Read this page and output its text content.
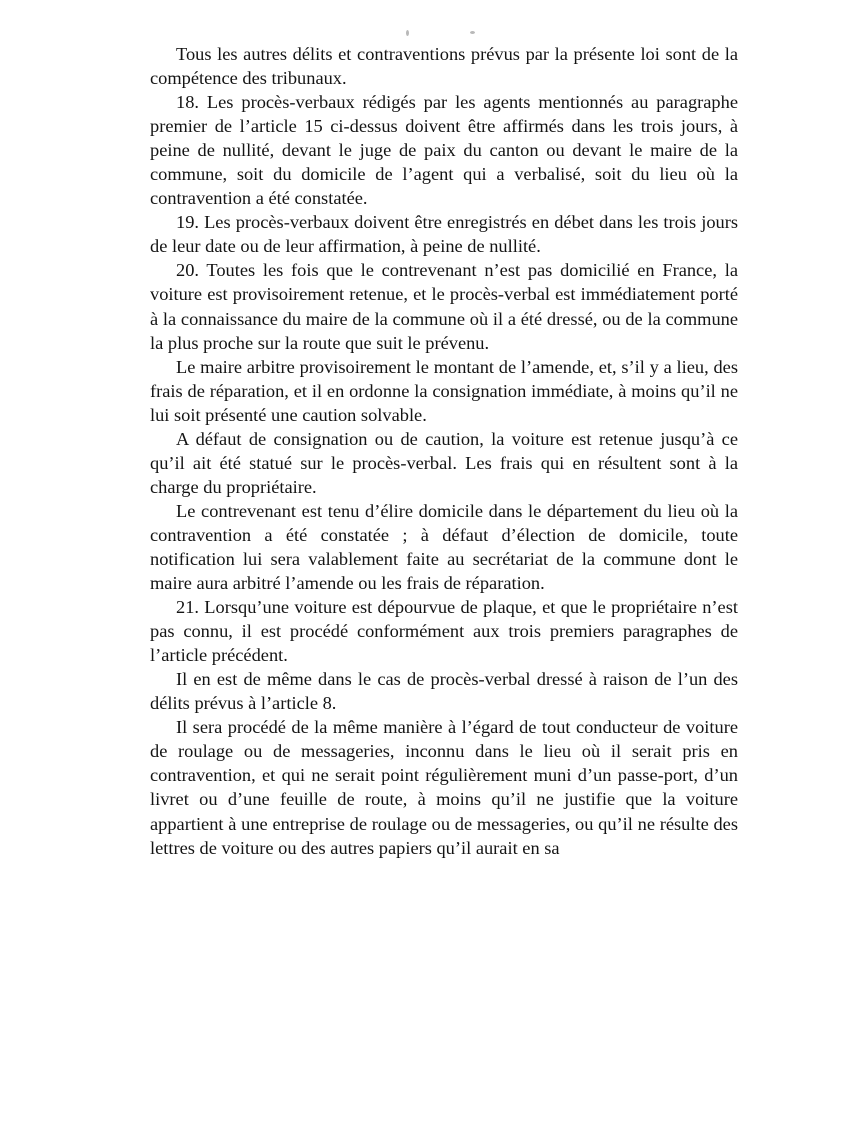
Tous les autres délits et contraventions prévus par la présente loi sont de la compétence des tribunaux.

18. Les procès-verbaux rédigés par les agents mentionnés au paragraphe premier de l’article 15 ci-dessus doivent être affirmés dans les trois jours, à peine de nullité, devant le juge de paix du canton ou devant le maire de la commune, soit du domicile de l’agent qui a verbalisé, soit du lieu où la contravention a été constatée.

19. Les procès-verbaux doivent être enregistrés en débet dans les trois jours de leur date ou de leur affirmation, à peine de nullité.

20. Toutes les fois que le contrevenant n’est pas domicilié en France, la voiture est provisoirement retenue, et le procès-verbal est immédiatement porté à la connaissance du maire de la commune où il a été dressé, ou de la commune la plus proche sur la route que suit le prévenu.

Le maire arbitre provisoirement le montant de l’amende, et, s’il y a lieu, des frais de réparation, et il en ordonne la consignation immédiate, à moins qu’il ne lui soit présenté une caution solvable.

A défaut de consignation ou de caution, la voiture est retenue jusqu’à ce qu’il ait été statué sur le procès-verbal. Les frais qui en résultent sont à la charge du propriétaire.

Le contrevenant est tenu d’élire domicile dans le département du lieu où la contravention a été constatée ; à défaut d’élection de domicile, toute notification lui sera valablement faite au secrétariat de la commune dont le maire aura arbitré l’amende ou les frais de réparation.

21. Lorsqu’une voiture est dépourvue de plaque, et que le propriétaire n’est pas connu, il est procédé conformément aux trois premiers paragraphes de l’article précédent.

Il en est de même dans le cas de procès-verbal dressé à raison de l’un des délits prévus à l’article 8.

Il sera procédé de la même manière à l’égard de tout conducteur de voiture de roulage ou de messageries, inconnu dans le lieu où il serait pris en contravention, et qui ne serait point régulièrement muni d’un passe-port, d’un livret ou d’une feuille de route, à moins qu’il ne justifie que la voiture appartient à une entreprise de roulage ou de messageries, ou qu’il ne résulte des lettres de voiture ou des autres papiers qu’il aurait en sa
